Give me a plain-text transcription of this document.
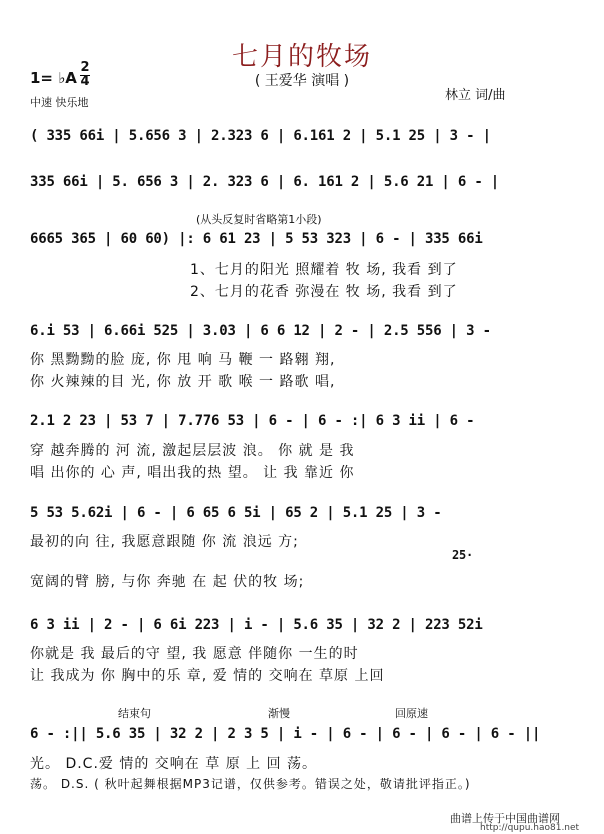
七月的牧场
( 王爱华 演唱 )
1= ♭A
2
4
中速 快乐地	林立 词/曲
( 335 66i | 5.656 3 | 2.323 6 | 6.161 2 | 5.1 25 | 3 - |
335 66i | 5. 656 3 | 2. 323 6 | 6. 161 2 | 5.6 21 | 6 - |
(从头反复时省略第1小段)
6665 365 | 60 60) |: 6 61 23 | 5 53 323 | 6 - | 335 66i
1、七月的阳光 照耀着 牧 场, 我看 到了
2、七月的花香 弥漫在 牧 场, 我看 到了
6.i 53 | 6.66i 525 | 3.03 | 6 6 12 | 2 - | 2.5 556 | 3 -
你 黑黝黝的脸 庞, 你 甩 响 马 鞭 一 路翱 翔,
你 火辣辣的目 光, 你 放 开 歌 喉 一 路歌 唱,
2.1 2 23 | 53 7 | 7.776 53 | 6 - | 6 - :| 6 3 ii | 6 -
穿 越奔腾的 河 流, 激起层层波 浪。 你 就 是 我
唱 出你的 心 声, 唱出我的热 望。 让 我 靠近 你
5 53 5.62i | 6 - | 6 65 6 5i | 65 2 | 5.1 25 | 3 -
最初的向 往, 我愿意跟随 你 流 浪远 方;
25·
宽阔的臂 膀, 与你 奔驰 在 起 伏的牧 场;
6 3 ii | 2 - | 6 6i 223 | i - | 5.6 35 | 32 2 | 223 52i
你就是 我 最后的守 望, 我 愿意 伴随你 一生的时
让 我成为 你 胸中的乐 章, 爱 情的 交响在 草原 上回
结束句	渐慢	回原速
6 - :|| 5.6 35 | 32 2 | 2 3 5 | i - | 6 - | 6 - | 6 - | 6 - ||
光。 D.C.爱 情的 交响在 草 原 上 回 荡。
荡。 D.S. ( 秋叶起舞根据MP3记谱，仅供参考。错误之处，敬请批评指正。)
曲谱上传于中国曲谱网
http://qupu.hao81.net
